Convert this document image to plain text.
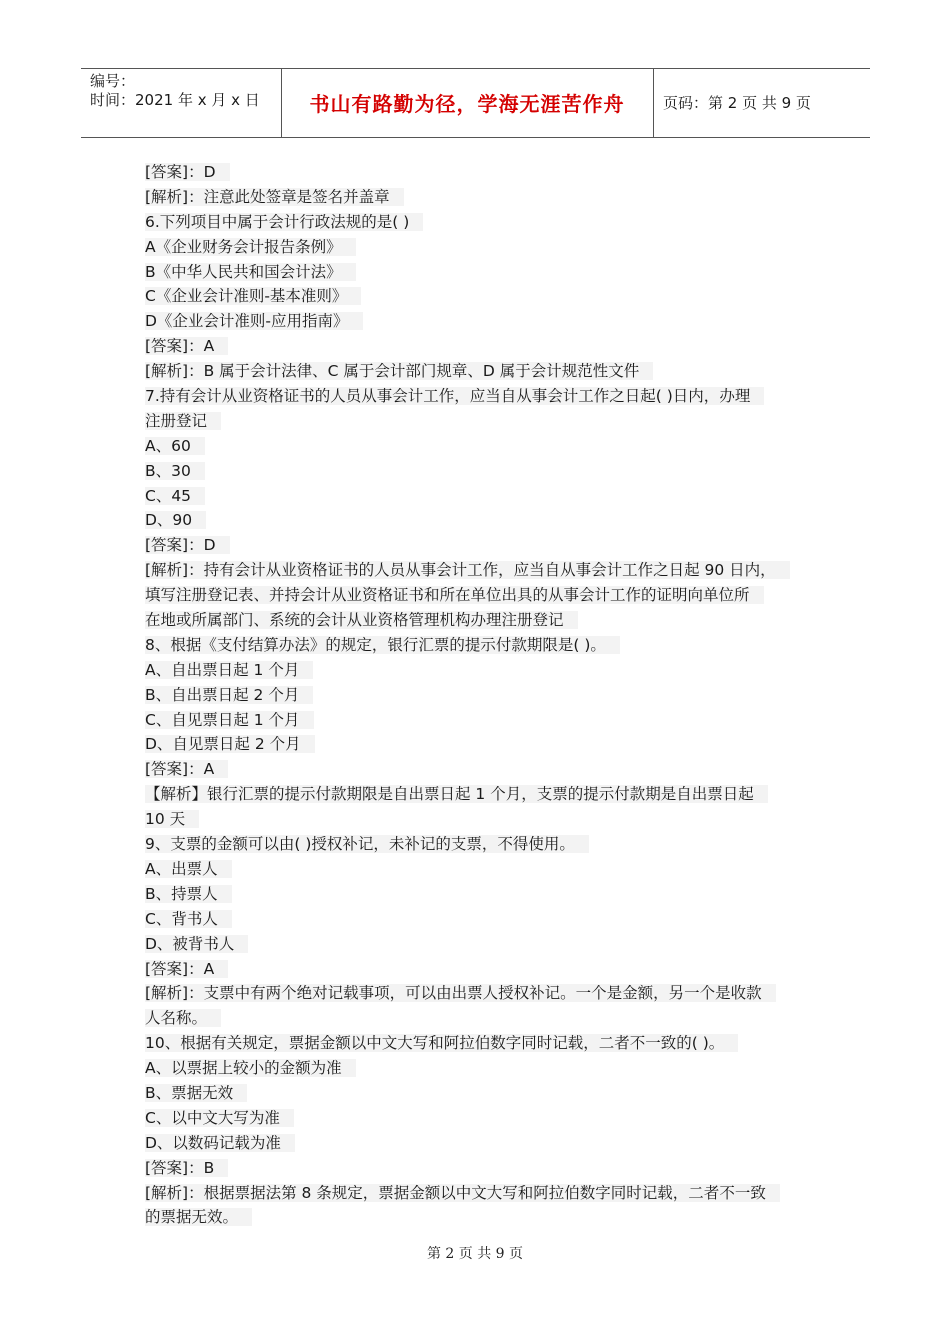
编号：
时间：2021 年 x 月 x 日	书山有路勤为径，学海无涯苦作舟	页码：第 2 页 共 9 页
[答案]：D
[解析]：注意此处签章是签名并盖章
6.下列项目中属于会计行政法规的是( )
A《企业财务会计报告条例》
B《中华人民共和国会计法》
C《企业会计准则-基本准则》
D《企业会计准则-应用指南》
[答案]：A
[解析]：B 属于会计法律、C 属于会计部门规章、D 属于会计规范性文件
7.持有会计从业资格证书的人员从事会计工作，应当自从事会计工作之日起( )日内，办理
注册登记
A、60
B、30
C、45
D、90
[答案]：D
[解析]：持有会计从业资格证书的人员从事会计工作，应当自从事会计工作之日起 90 日内，
填写注册登记表、并持会计从业资格证书和所在单位出具的从事会计工作的证明向单位所
在地或所属部门、系统的会计从业资格管理机构办理注册登记
8、根据《支付结算办法》的规定，银行汇票的提示付款期限是( )。
A、自出票日起 1 个月
B、自出票日起 2 个月
C、自见票日起 1 个月
D、自见票日起 2 个月
[答案]：A
【解析】银行汇票的提示付款期限是自出票日起 1 个月，支票的提示付款期是自出票日起
10 天
9、支票的金额可以由( )授权补记，未补记的支票，不得使用。
A、出票人
B、持票人
C、背书人
D、被背书人
[答案]：A
[解析]：支票中有两个绝对记载事项，可以由出票人授权补记。一个是金额，另一个是收款
人名称。
10、根据有关规定，票据金额以中文大写和阿拉伯数字同时记载，二者不一致的( )。
A、以票据上较小的金额为准
B、票据无效
C、以中文大写为准
D、以数码记载为准
[答案]：B
[解析]：根据票据法第 8 条规定，票据金额以中文大写和阿拉伯数字同时记载，二者不一致
的票据无效。
第 2 页 共 9 页
